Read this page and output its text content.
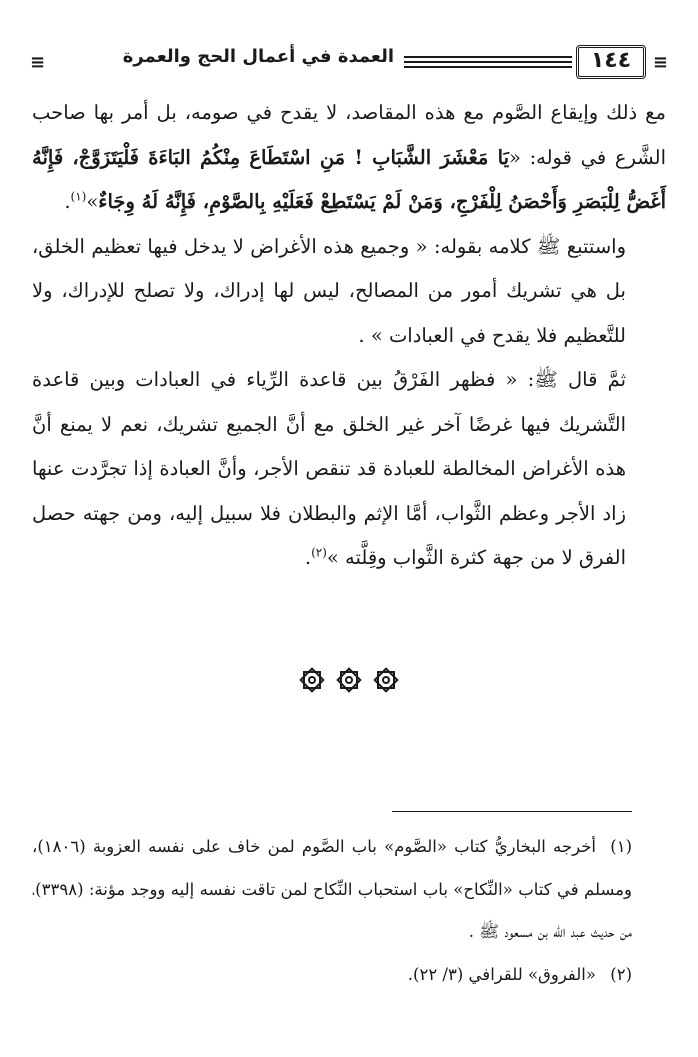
≡
١٤٤
العمدة في أعمال الحج والعمرة
≡

مع ذلك وإيقاع الصَّوم مع هذه المقاصد، لا يقدح في صومه، بل أمر بها صاحب الشَّرع في قوله: «يَا مَعْشَرَ الشَّبَابِ ! مَنِ اسْتَطَاعَ مِنْكُمُ البَاءَةَ فَلْيَتَزَوَّجْ، فَإِنَّهُ أَغَضُّ لِلْبَصَرِ وَأَحْصَنُ لِلْفَرْجِ، وَمَنْ لَمْ يَسْتَطِعْ فَعَلَيْهِ بِالصَّوْمِ، فَإِنَّهُ لَهُ وِجَاءٌ»$^{(١)}$.

واستتبع ﷺ كلامه بقوله: « وجميع هذه الأغراض لا يدخل فيها تعظيم الخلق، بل هي تشريك أمور من المصالح، ليس لها إدراك، ولا تصلح للإدراك، ولا للتَّعظيم فلا يقدح في العبادات » .

ثمَّ قال ﷺ: « فظهر الفَرْقُ بين قاعدة الرِّياء في العبادات وبين قاعدة التَّشريك فيها غرضًا آخر غير الخلق مع أنَّ الجميع تشريك، نعم لا يمنع أنَّ هذه الأغراض المخالطة للعبادة قد تنقص الأجر، وأنَّ العبادة إذا تجرَّدت عنها زاد الأجر وعظم الثَّواب، أمَّا الإثم والبطلان فلا سبيل إليه، ومن جهته حصل الفرق لا من جهة كثرة الثَّواب وقِلَّته »$^{(٢)}$.

(١)أخرجه البخاريُّ كتاب «الصَّوم» باب الصَّوم لمن خاف على نفسه العزوبة (١٨٠٦)، ومسلم في كتاب «النِّكاح» باب استحباب النِّكاح لمن تاقت نفسه إليه ووجد مؤنة: (٣٣٩٨)، من حديث عبد الله بن مسعود ﷺ .

(٢)«الفروق» للقرافي (٣/ ٢٢).
